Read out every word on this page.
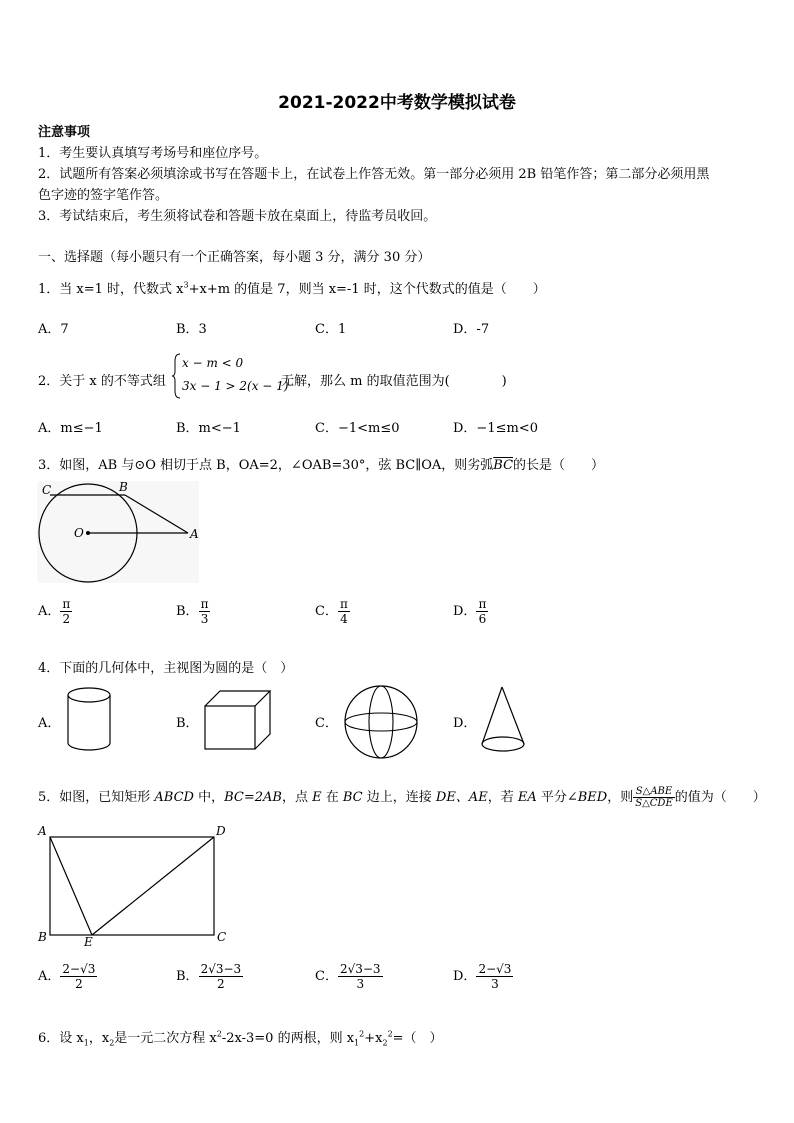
2021-2022中考数学模拟试卷
注意事项
1．考生要认真填写考场号和座位序号。
2．试题所有答案必须填涂或书写在答题卡上，在试卷上作答无效。第一部分必须用 2B 铅笔作答；第二部分必须用黑
色字迹的签字笔作答。
3．考试结束后，考生须将试卷和答题卡放在桌面上，待监考员收回。
一、选择题（每小题只有一个正确答案，每小题 3 分，满分 30 分）
1．当 x=1 时，代数式 $x^3+x+m$ 的值是 7，则当 x=-1 时，这个代数式的值是（　　）
A．7	B．3	C．1	D．-7
2．关于 x 的不等式组
x − m < 0
3x − 1 > 2(x − 1)
无解，那么 m 的取值范围为(　　　　)
A．m≤−1	B．m<−1	C．−1<m≤0	D．−1≤m<0
3．如图，AB 与⊙O 相切于点 B，OA=2，∠OAB=30°，弦 BC∥OA，则劣弧$\overline{BC}$的长是（　　）
C	B
O	A
A． $\frac{\pi}{2}$	B． $\frac{\pi}{3}$	C． $\frac{\pi}{4}$	D． $\frac{\pi}{6}$
4．下面的几何体中，主视图为圆的是（　）
A．	B．	C．	D．
5．如图，已知矩形 ABCD 中，BC=2AB，点 E 在 BC 边上，连接 DE、AE，若 EA 平分∠BED，则 $\frac{\text{S△ABE}}{\text{S△CDE}}$ 的值为（　　）
A	D
B	E	C
A． $\frac{2-√3}{2}$	B． $\frac{2√3-3}{2}$	C． $\frac{2√3-3}{3}$	D． $\frac{2-√3}{3}$
6．设 $x_1$，$x_2$是一元二次方程 $x^2-2x-3=0$ 的两根，则 $x_1^2+x_2^2=$（　）
